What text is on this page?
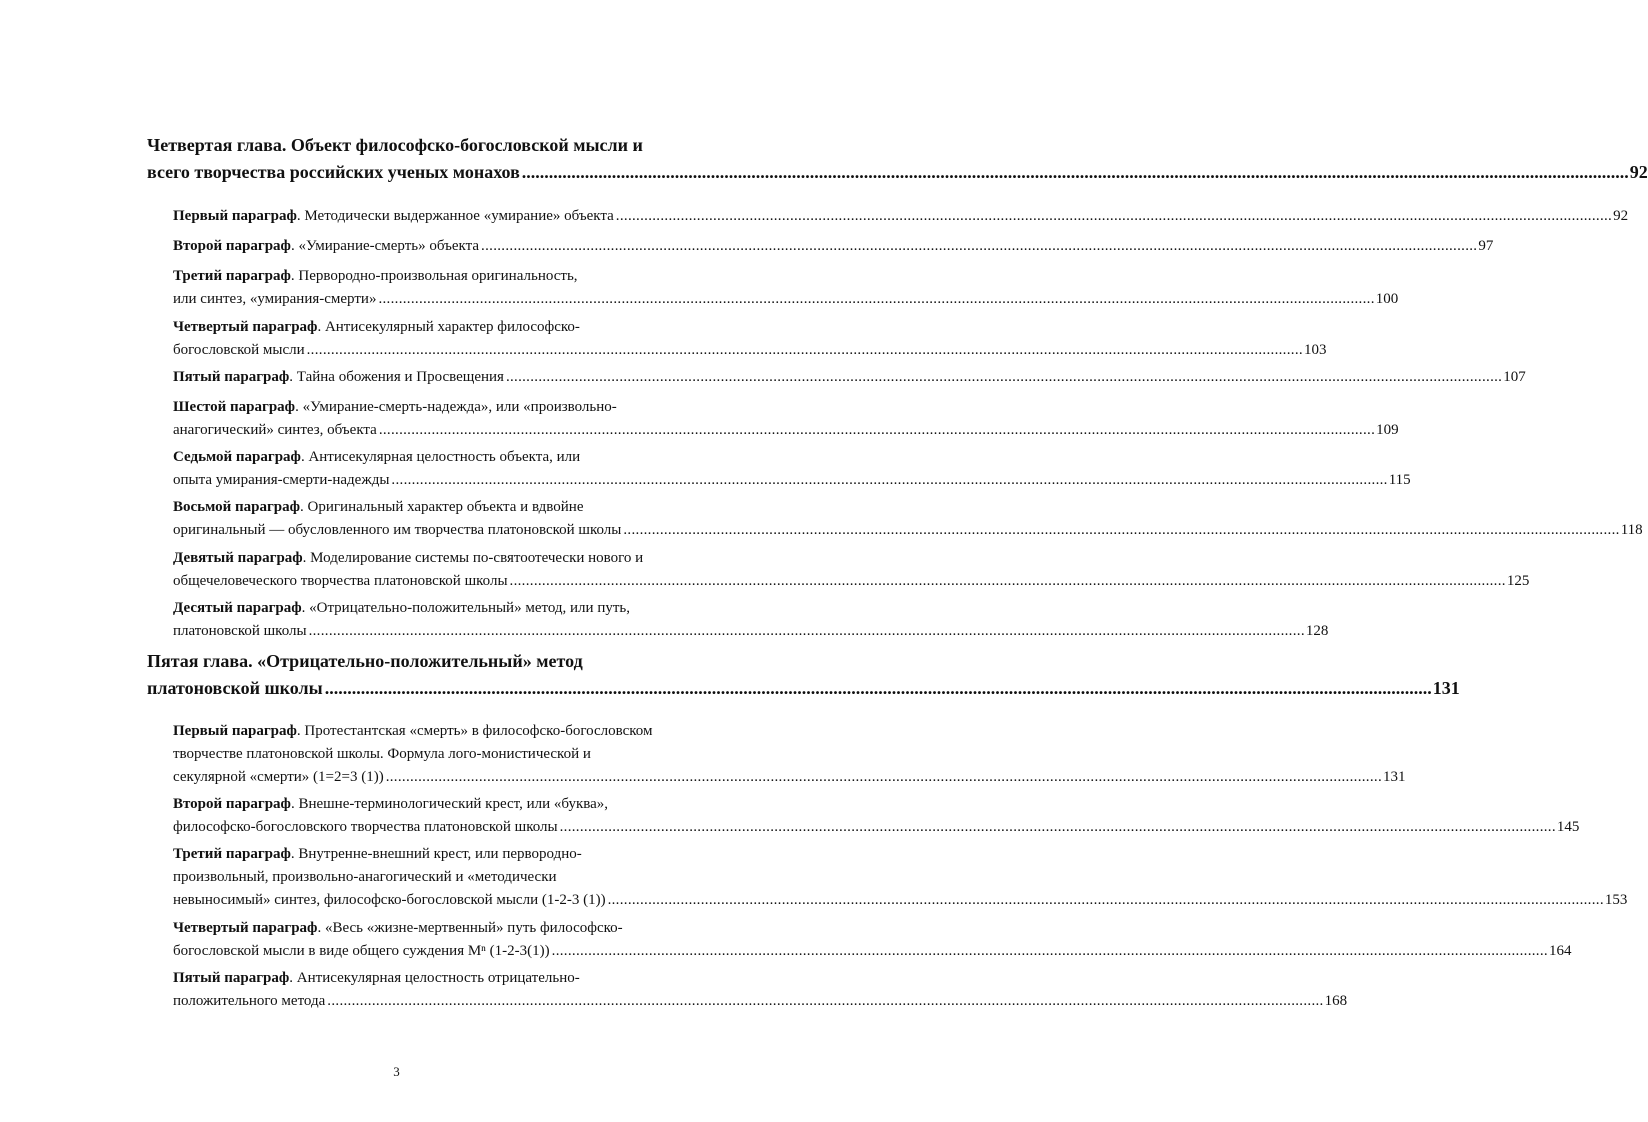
Четвертая глава. Объект философско-богословской мысли и
всего творчества российских ученых монахов .....	92
Первый параграф. Методически выдержанное «умирание» объекта .....	92
Второй параграф. «Умирание-смерть» объекта .....	97
Третий параграф. Первородно-произвольная оригинальность,
или синтез, «умирания-смерти» .....	100
Четвертый параграф. Антисекулярный характер философско-
богословской мысли .....	103
Пятый параграф. Тайна обожения и Просвещения .....	107
Шестой параграф. «Умирание-смерть-надежда», или «произвольно-
анагогический» синтез, объекта .....	109
Седьмой параграф. Антисекулярная целостность объекта, или
опыта умирания-смерти-надежды .....	115
Восьмой параграф. Оригинальный характер объекта и вдвойне
оригинальный — обусловленного им творчества платоновской школы .....	118
Девятый параграф. Моделирование системы по-святоотечески нового и
общечеловеческого творчества платоновской школы .....	125
Десятый параграф. «Отрицательно-положительный» метод, или путь,
платоновской школы .....	128
Пятая глава. «Отрицательно-положительный» метод
платоновской школы .....	131
Первый параграф. Протестантская «смерть» в философско-богословском
творчестве платоновской школы. Формула лого-монистической и
секулярной «смерти» (1=2=3 (1)) .....	131
Второй параграф. Внешне-терминологический крест, или «буква»,
философско-богословского творчества платоновской школы .....	145
Третий параграф. Внутренне-внешний крест, или первородно-
произвольный, произвольно-анагогический и «методически
невыносимый» синтез, философско-богословской мысли (1-2-3 (1)) .....	153
Четвертый параграф. «Весь «жизне-мертвенный» путь философско-
богословской мысли в виде общего суждения Мⁿ (1-2-3(1)) .....	164
Пятый параграф. Антисекулярная целостность отрицательно-
положительного метода .....	168
3
